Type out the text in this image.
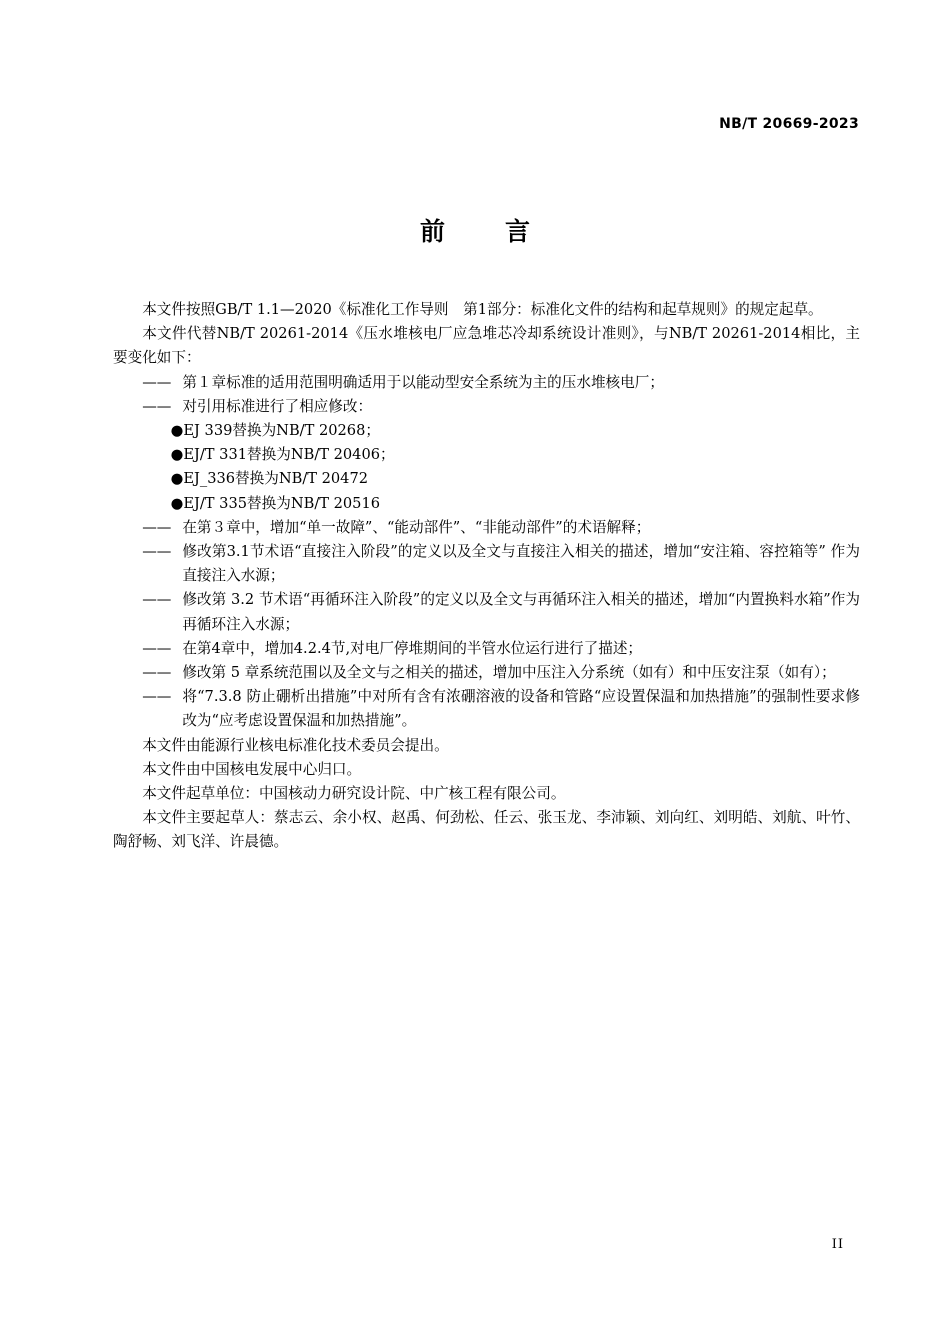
NB/T 20669-2023
前 言

本文件按照GB/T 1.1—2020《标准化工作导则　第1部分：标准化文件的结构和起草规则》的规定起草。

本文件代替NB/T 20261-2014《压水堆核电厂应急堆芯冷却系统设计准则》，与NB/T 20261-2014相比，主要变化如下：

—— 第１章标准的适用范围明确适用于以能动型安全系统为主的压水堆核电厂；
—— 对引用标准进行了相应修改：
●EJ 339替换为NB/T 20268；
●EJ/T 331替换为NB/T 20406；
●EJ_336替换为NB/T 20472
●EJ/T 335替换为NB/T 20516
—— 在第３章中，增加“单一故障”、“能动部件”、“非能动部件”的术语解释；
—— 修改第3.1节术语“直接注入阶段”的定义以及全文与直接注入相关的描述，增加“安注箱、容控箱等” 作为直接注入水源；
—— 修改第 3.2 节术语“再循环注入阶段”的定义以及全文与再循环注入相关的描述，增加“内置换料水箱”作为再循环注入水源；
—— 在第4章中，增加4.2.4节,对电厂停堆期间的半管水位运行进行了描述；
—— 修改第 5 章系统范围以及全文与之相关的描述，增加中压注入分系统（如有）和中压安注泵（如有）；
—— 将“7.3.8 防止硼析出措施”中对所有含有浓硼溶液的设备和管路“应设置保温和加热措施”的强制性要求修改为“应考虑设置保温和加热措施”。

本文件由能源行业核电标准化技术委员会提出。

本文件由中国核电发展中心归口。

本文件起草单位：中国核动力研究设计院、中广核工程有限公司。

本文件主要起草人：蔡志云、余小权、赵禹、何劲松、任云、张玉龙、李沛颖、刘向红、刘明皓、刘航、叶竹、陶舒畅、刘飞洋、许晨德。

II
